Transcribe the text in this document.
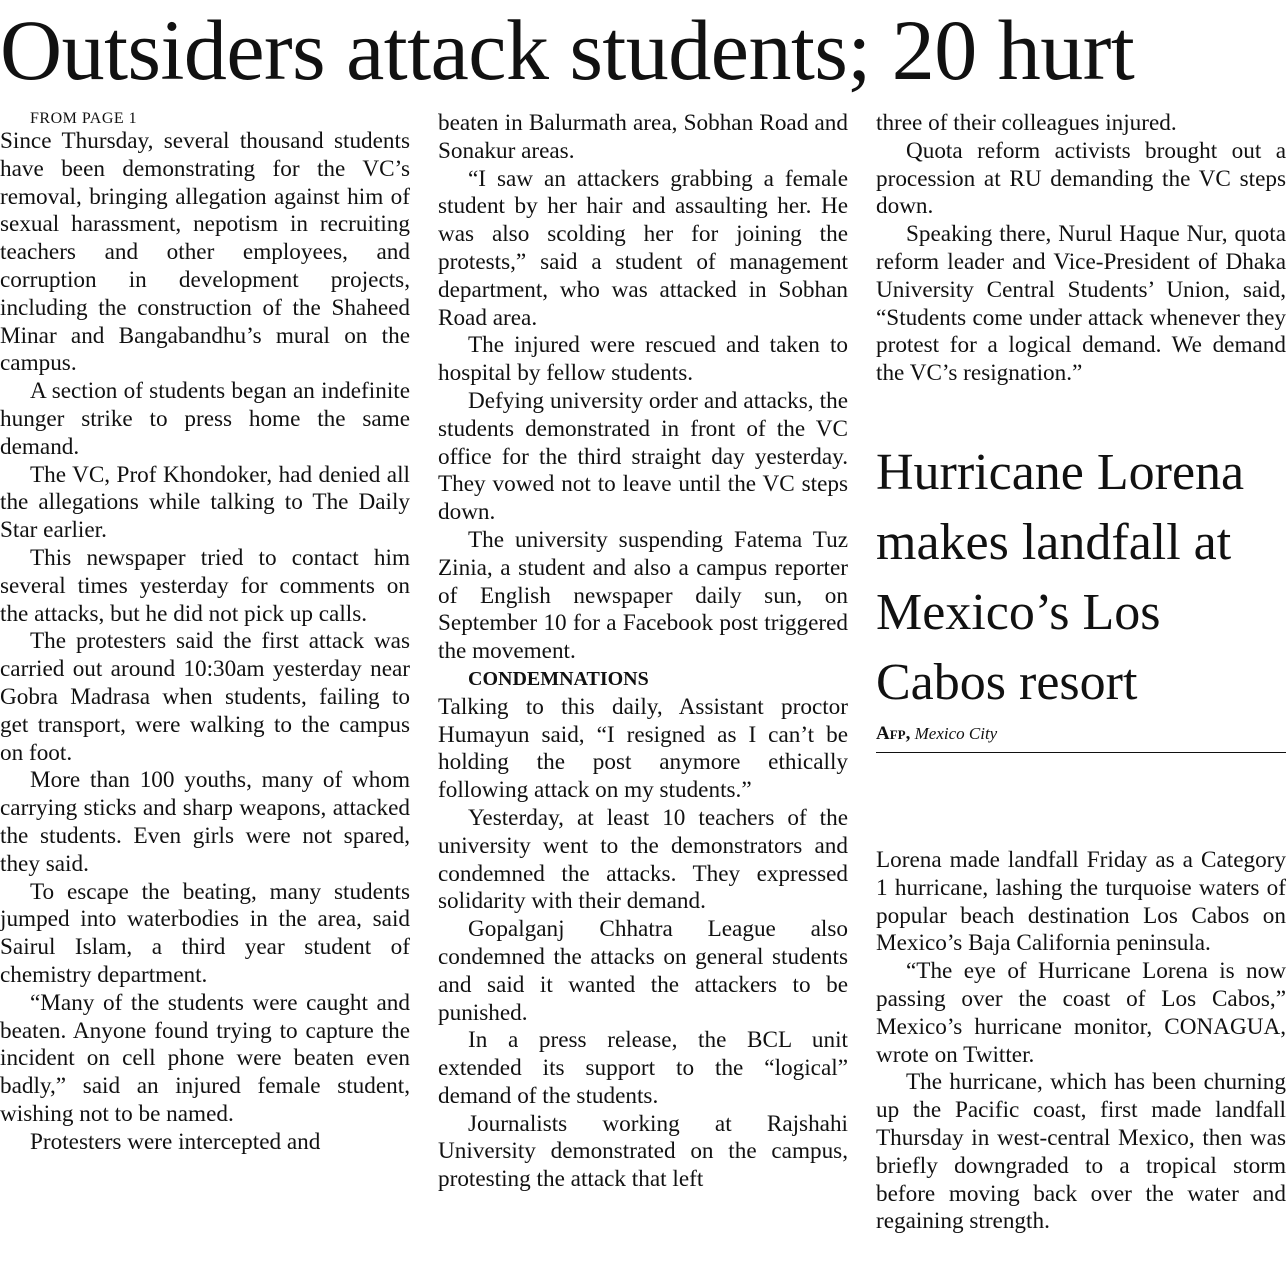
Outsiders attack students; 20 hurt

FROM PAGE 1

Since Thursday, several thousand students have been demonstrating for the VC’s removal, bringing allegation against him of sexual harassment, nepotism in recruiting teachers and other employees, and corruption in development projects, including the construction of the Shaheed Minar and Bangabandhu’s mural on the campus.

A section of students began an indefinite hunger strike to press home the same demand.

The VC, Prof Khondoker, had denied all the allegations while talking to The Daily Star earlier.

This newspaper tried to contact him several times yesterday for comments on the attacks, but he did not pick up calls.

The protesters said the first attack was carried out around 10:30am yesterday near Gobra Madrasa when students, failing to get transport, were walking to the campus on foot.

More than 100 youths, many of whom carrying sticks and sharp weapons, attacked the students. Even girls were not spared, they said.

To escape the beating, many students jumped into waterbodies in the area, said Sairul Islam, a third year student of chemistry department.

“Many of the students were caught and beaten. Anyone found trying to capture the incident on cell phone were beaten even badly,” said an injured female student, wishing not to be named.

Protesters were intercepted and

beaten in Balurmath area, Sobhan Road and Sonakur areas.

“I saw an attackers grabbing a female student by her hair and assaulting her. He was also scolding her for joining the protests,” said a student of management department, who was attacked in Sobhan Road area.

The injured were rescued and taken to hospital by fellow students.

Defying university order and attacks, the students demonstrated in front of the VC office for the third straight day yesterday. They vowed not to leave until the VC steps down.

The university suspending Fatema Tuz Zinia, a student and also a campus reporter of English newspaper daily sun, on September 10 for a Facebook post triggered the movement.

CONDEMNATIONS

Talking to this daily, Assistant proctor Humayun said, “I resigned as I can’t be holding the post anymore ethically following attack on my students.”

Yesterday, at least 10 teachers of the university went to the demonstrators and condemned the attacks. They expressed solidarity with their demand.

Gopalganj Chhatra League also condemned the attacks on general students and said it wanted the attackers to be punished.

In a press release, the BCL unit extended its support to the “logical” demand of the students.

Journalists working at Rajshahi University demonstrated on the campus, protesting the attack that left

three of their colleagues injured.

Quota reform activists brought out a procession at RU demanding the VC steps down.

Speaking there, Nurul Haque Nur, quota reform leader and Vice-President of Dhaka University Central Students’ Union, said, “Students come under attack whenever they protest for a logical demand. We demand the VC’s resignation.”

Hurricane Lorena makes landfall at Mexico’s Los Cabos resort
Afp, Mexico City

Lorena made landfall Friday as a Category 1 hurricane, lashing the turquoise waters of popular beach destination Los Cabos on Mexico’s Baja California peninsula.

“The eye of Hurricane Lorena is now passing over the coast of Los Cabos,” Mexico’s hurricane monitor, CONAGUA, wrote on Twitter.

The hurricane, which has been churning up the Pacific coast, first made landfall Thursday in west-central Mexico, then was briefly downgraded to a tropical storm before moving back over the water and regaining strength.
